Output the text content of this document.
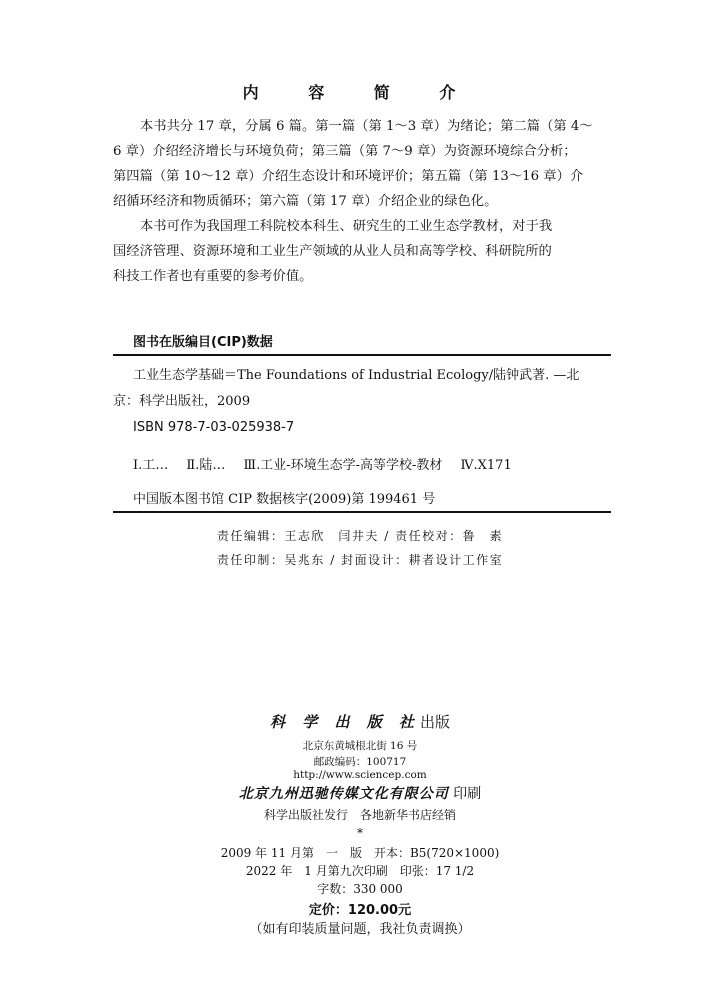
内 容 简 介
本书共分 17 章，分属 6 篇。第一篇（第 1～3 章）为绪论；第二篇（第 4～
6 章）介绍经济增长与环境负荷；第三篇（第 7～9 章）为资源环境综合分析；
第四篇（第 10～12 章）介绍生态设计和环境评价；第五篇（第 13～16 章）介
绍循环经济和物质循环；第六篇（第 17 章）介绍企业的绿色化。
本书可作为我国理工科院校本科生、研究生的工业生态学教材，对于我
国经济管理、资源环境和工业生产领域的从业人员和高等学校、科研院所的
科技工作者也有重要的参考价值。
图书在版编目(CIP)数据
工业生态学基础＝The Foundations of Industrial Ecology/陆钟武著. —北
京：科学出版社，2009
ISBN 978-7-03-025938-7
Ⅰ.工… Ⅱ.陆… Ⅲ.工业-环境生态学-高等学校-教材 Ⅳ.X171
中国版本图书馆 CIP 数据核字(2009)第 199461 号
责任编辑：王志欣　闫井夫 / 责任校对：鲁　素
责任印制：吴兆东 / 封面设计：耕者设计工作室
科 学 出 版 社出版
北京东黄城根北街 16 号
邮政编码：100717
http://www.sciencep.com
北京九州迅驰传媒文化有限公司 印刷
科学出版社发行　各地新华书店经销
*
2009 年 11 月第　一　版　开本：B5(720×1000)
2022 年　1 月第九次印刷　印张：17 1/2
字数：330 000
定价：120.00元
（如有印装质量问题，我社负责调换）
